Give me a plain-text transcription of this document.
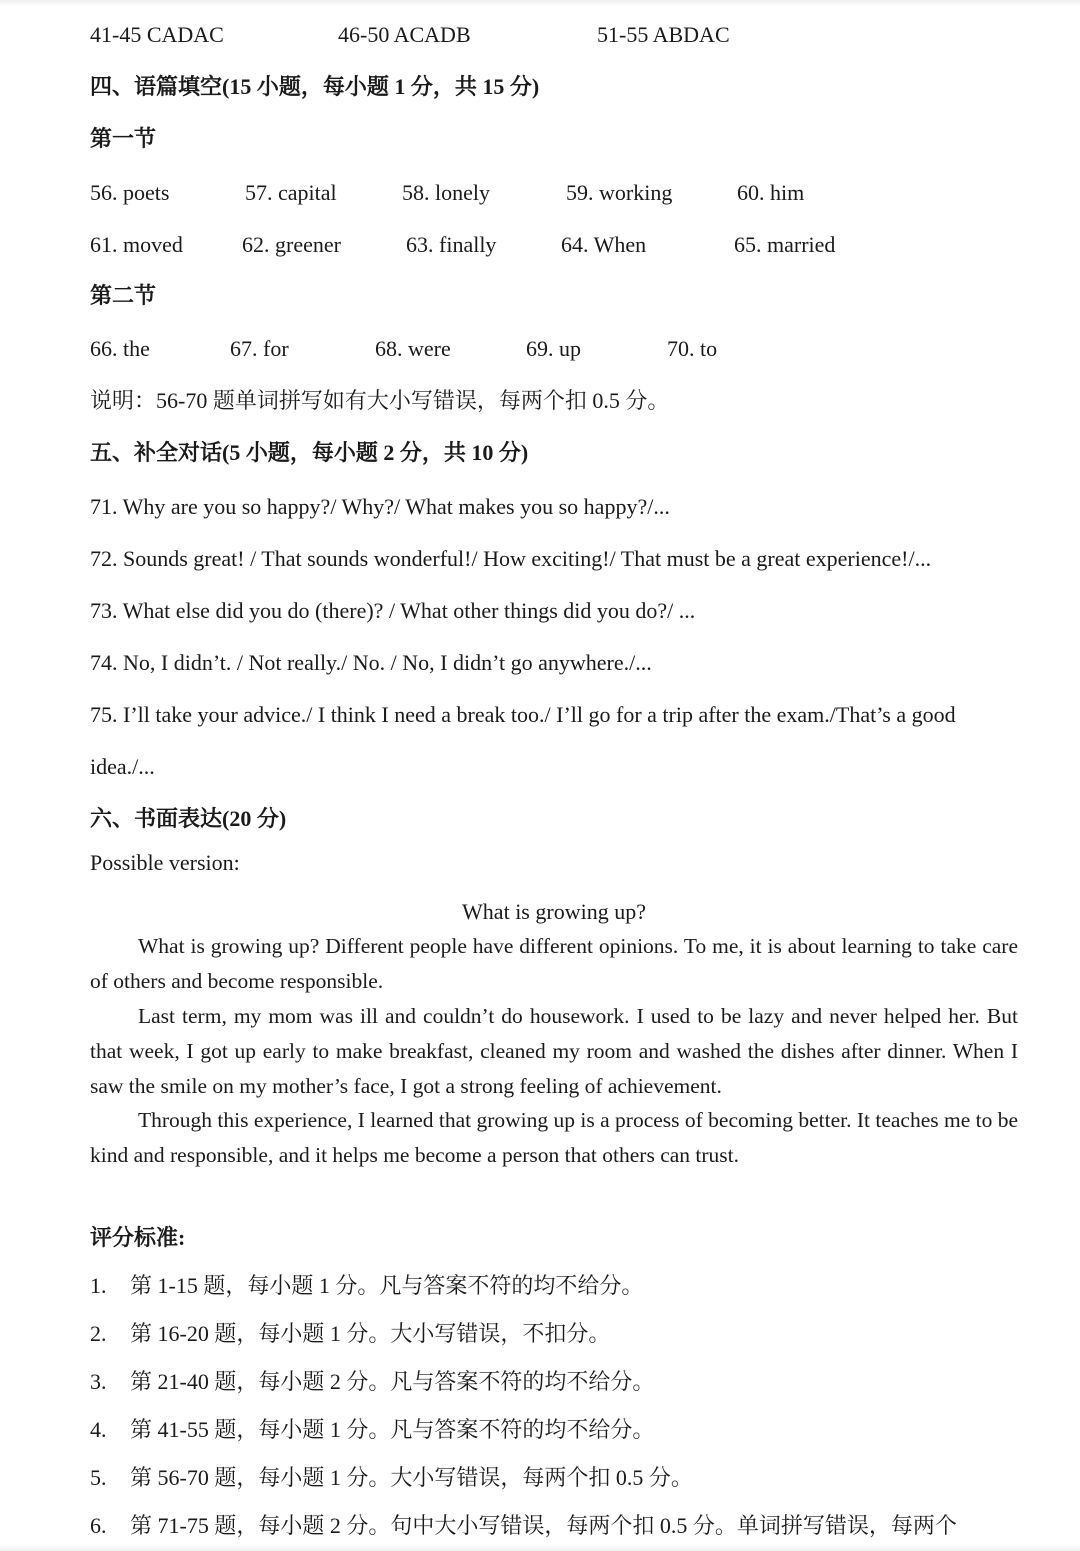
41-45 CADAC	46-50 ACADB	51-55 ABDAC
四、语篇填空(15 小题，每小题 1 分，共 15 分)
第一节
56. poets	57. capital	58. lonely	59. working	60. him
61. moved	62. greener	63. finally	64. When	65. married
第二节
66. the	67. for	68. were	69. up	70. to
说明：56-70 题单词拼写如有大小写错误，每两个扣 0.5 分。
五、补全对话(5 小题，每小题 2 分，共 10 分)
71. Why are you so happy?/ Why?/ What makes you so happy?/...
72. Sounds great! / That sounds wonderful!/ How exciting!/ That must be a great experience!/...
73. What else did you do (there)? / What other things did you do?/ ...
74. No, I didn’t. / Not really./ No. / No, I didn’t go anywhere./...
75. I’ll take your advice./ I think I need a break too./ I’ll go for a trip after the exam./That’s a good
idea./...
六、书面表达(20 分)
Possible version:
What is growing up?
What is growing up? Different people have different opinions. To me, it is about learning to take care of others and become responsible.
Last term, my mom was ill and couldn’t do housework. I used to be lazy and never helped her. But that week, I got up early to make breakfast, cleaned my room and washed the dishes after dinner. When I saw the smile on my mother’s face, I got a strong feeling of achievement.
Through this experience, I learned that growing up is a process of becoming better. It teaches me to be kind and responsible, and it helps me become a person that others can trust.
评分标准:
1. 第 1-15 题，每小题 1 分。凡与答案不符的均不给分。
2. 第 16-20 题，每小题 1 分。大小写错误，不扣分。
3. 第 21-40 题，每小题 2 分。凡与答案不符的均不给分。
4. 第 41-55 题，每小题 1 分。凡与答案不符的均不给分。
5. 第 56-70 题，每小题 1 分。大小写错误，每两个扣 0.5 分。
6. 第 71-75 题，每小题 2 分。句中大小写错误，每两个扣 0.5 分。单词拼写错误，每两个
